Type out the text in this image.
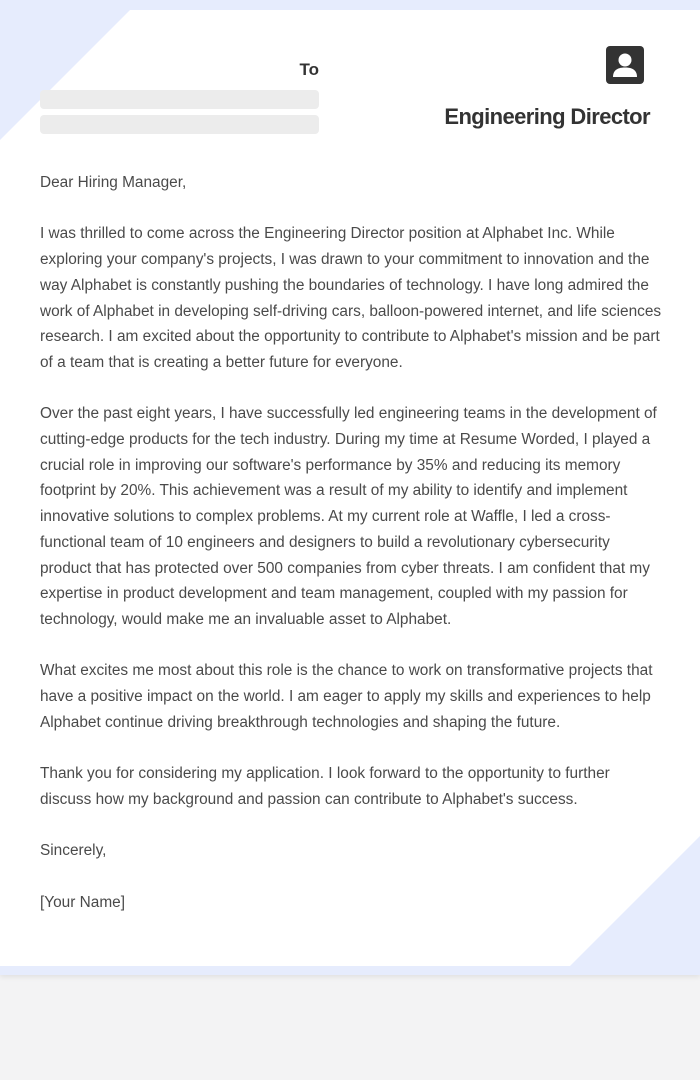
To
Engineering Director

Dear Hiring Manager,

I was thrilled to come across the Engineering Director position at Alphabet Inc. While exploring your company's projects, I was drawn to your commitment to innovation and the way Alphabet is constantly pushing the boundaries of technology. I have long admired the work of Alphabet in developing self-driving cars, balloon-powered internet, and life sciences research. I am excited about the opportunity to contribute to Alphabet's mission and be part of a team that is creating a better future for everyone.

Over the past eight years, I have successfully led engineering teams in the development of cutting-edge products for the tech industry. During my time at Resume Worded, I played a crucial role in improving our software's performance by 35% and reducing its memory footprint by 20%. This achievement was a result of my ability to identify and implement innovative solutions to complex problems. At my current role at Waffle, I led a cross-functional team of 10 engineers and designers to build a revolutionary cybersecurity product that has protected over 500 companies from cyber threats. I am confident that my expertise in product development and team management, coupled with my passion for technology, would make me an invaluable asset to Alphabet.

What excites me most about this role is the chance to work on transformative projects that have a positive impact on the world. I am eager to apply my skills and experiences to help Alphabet continue driving breakthrough technologies and shaping the future.

Thank you for considering my application. I look forward to the opportunity to further discuss how my background and passion can contribute to Alphabet's success.

Sincerely,

[Your Name]
